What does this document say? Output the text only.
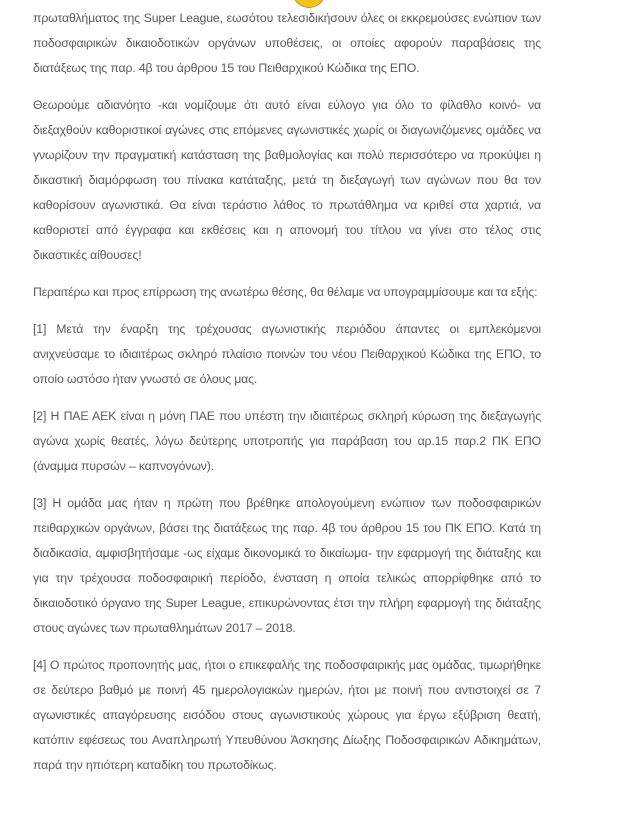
πρωταθλήματος της Super League, εωσότου τελεσιδικήσουν όλες οι εκκρεμούσες ενώπιον των ποδοσφαιρικών δικαιοδοτικών οργάνων υποθέσεις, οι οποίες αφορούν παραβάσεις της διατάξεως της παρ. 4β του άρθρου 15 του Πειθαρχικού Κώδικα της ΕΠΟ.

Θεωρούμε αδιανόητο -και νομίζουμε ότι αυτό είναι εύλογο για όλο το φίλαθλο κοινό- να διεξαχθούν καθοριστικοί αγώνες στις επόμενες αγωνιστικές χωρίς οι διαγωνιζόμενες ομάδες να γνωρίζουν την πραγματική κατάσταση της βαθμολογίας και πολύ περισσότερο να προκύψει η δικαστική διαμόρφωση του πίνακα κατάταξης, μετά τη διεξαγωγή των αγώνων που θα τον καθορίσουν αγωνιστικά. Θα είναι τεράστιο λάθος το πρωτάθλημα να κριθεί στα χαρτιά, να καθοριστεί από έγγραφα και εκθέσεις και η απονομή του τίτλου να γίνει στο τέλος στις δικαστικές αίθουσες!

Περαιτέρω και προς επίρρωση της ανωτέρω θέσης, θα θέλαμε να υπογραμμίσουμε και τα εξής:

[1] Μετά την έναρξη της τρέχουσας αγωνιστικής περιόδου άπαντες οι εμπλεκόμενοι ανιχνεύσαμε το ιδιαιτέρως σκληρό πλαίσιο ποινών του νέου Πειθαρχικού Κώδικα της ΕΠΟ, το οποίο ωστόσο ήταν γνωστό σε όλους μας.

[2] Η ΠΑΕ ΑΕΚ είναι η μόνη ΠΑΕ που υπέστη την ιδιαιτέρως σκληρή κύρωση της διεξαγωγής αγώνα χωρίς θεατές, λόγω δεύτερης υποτροπής για παράβαση του αρ.15 παρ.2 ΠΚ ΕΠΟ (άναμμα πυρσών – καπνογόνων).

[3] Η ομάδα μας ήταν η πρώτη που βρέθηκε απολογούμενη ενώπιον των ποδοσφαιρικών πειθαρχικών οργάνων, βάσει της διατάξεως της παρ. 4β του άρθρου 15 του ΠΚ ΕΠΟ. Κατά τη διαδικασία, αμφισβητήσαμε -ως είχαμε δικονομικά το δικαίωμα- την εφαρμογή της διάταξης και για την τρέχουσα ποδοσφαιρική περίοδο, ένσταση η οποία τελικώς απορρίφθηκε από το δικαιοδοτικό όργανο της Super League, επικυρώνοντας έτσι την πλήρη εφαρμογή της διάταξης στους αγώνες των πρωταθλημάτων 2017 – 2018.

[4] Ο πρώτος προπονητής μας, ήτοι ο επικεφαλής της ποδοσφαιρικής μας ομάδας, τιμωρήθηκε σε δεύτερο βαθμό με ποινή 45 ημερολογιακών ημερών, ήτοι με ποινή που αντιστοιχεί σε 7 αγωνιστικές απαγόρευσης εισόδου στους αγωνιστικούς χώρους για έργω εξύβριση θεατή, κατόπιν εφέσεως του Αναπληρωτή Υπευθύνου Άσκησης Δίωξης Ποδοσφαιρικών Αδικημάτων, παρά την ηπιότερη καταδίκη του πρωτοδίκως.
